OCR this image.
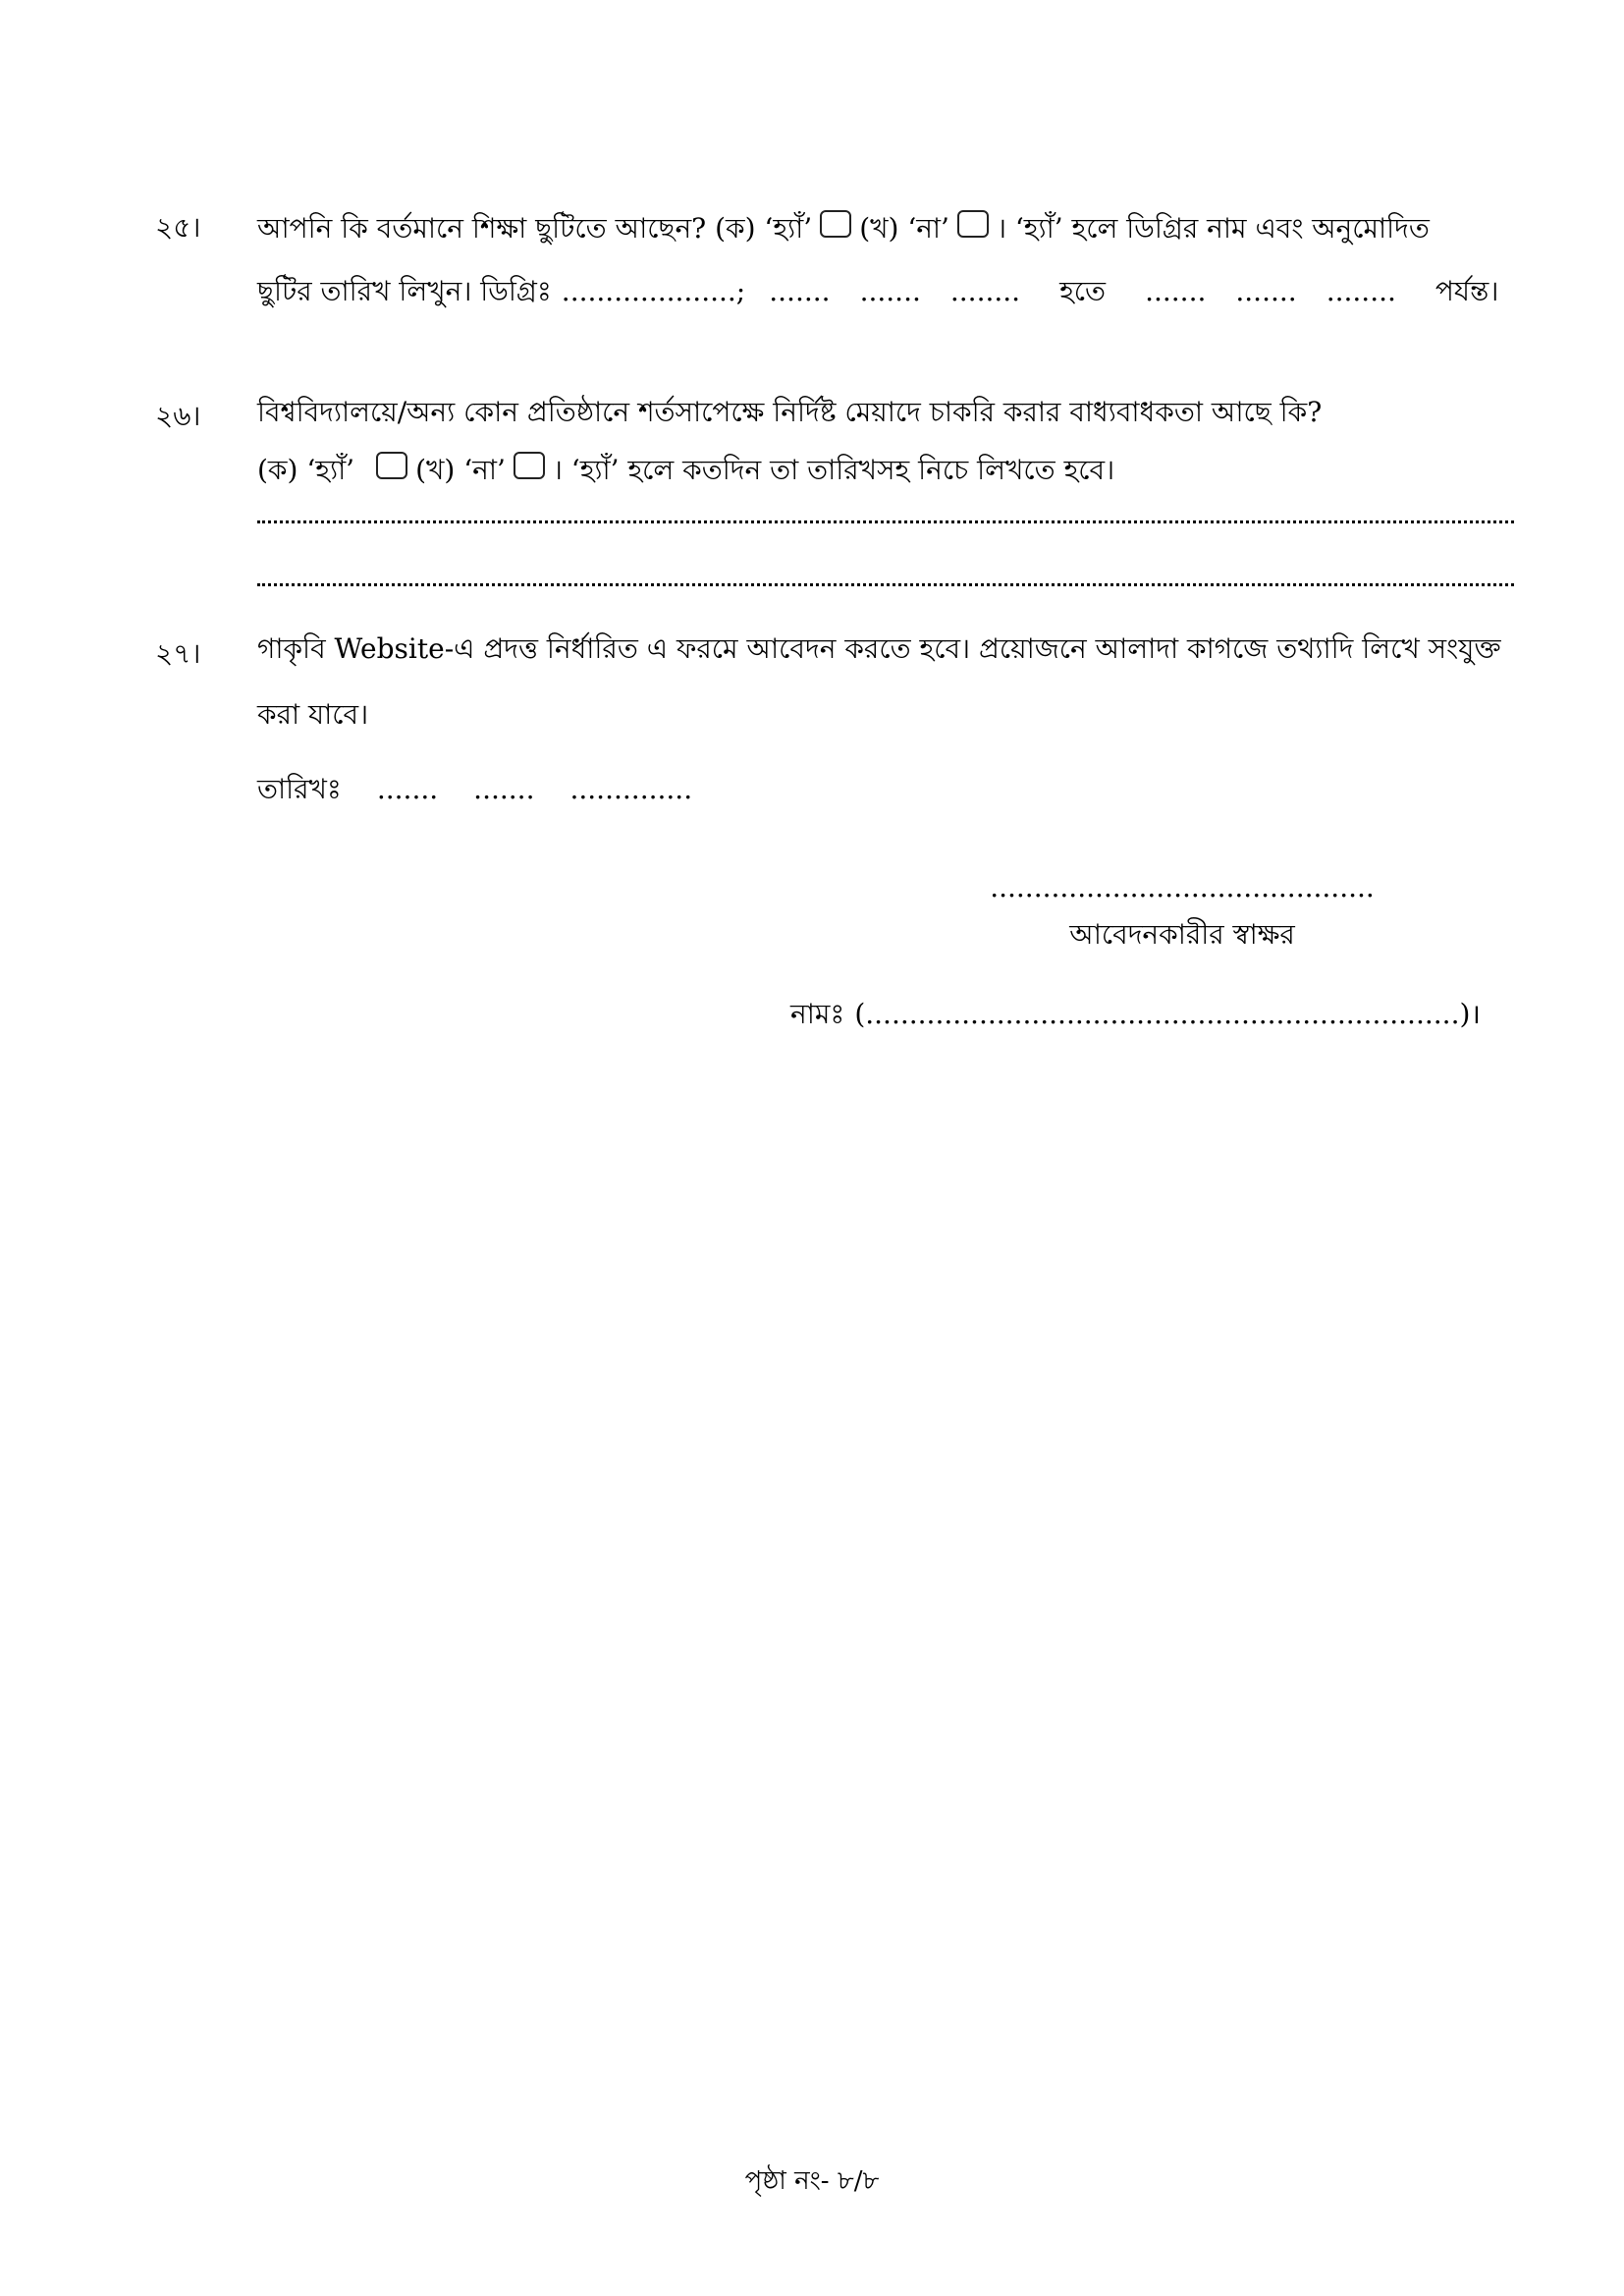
২৫। আপনি কি বর্তমানে শিক্ষা ছুটিতে আছেন? (ক) ‘হ্যাঁ’ (খ) ‘না’ । ‘হ্যাঁ’ হলে ডিগ্রির নাম এবং অনুমোদিত
ছুটির তারিখ লিখুন। ডিগ্রিঃ ....................; ....... ....... ........ হতে ....... ....... ........ পর্যন্ত।
২৬। বিশ্ববিদ্যালয়ে/অন্য কোন প্রতিষ্ঠানে শর্তসাপেক্ষে নির্দিষ্ট মেয়াদে চাকরি করার বাধ্যবাধকতা আছে কি?
(ক) ‘হ্যাঁ’ (খ) ‘না’ । ‘হ্যাঁ’ হলে কতদিন তা তারিখসহ নিচে লিখতে হবে।
২৭। গাকৃবি Website-এ প্রদত্ত নির্ধারিত এ ফরমে আবেদন করতে হবে। প্রয়োজনে আলাদা কাগজে তথ্যাদি লিখে সংযুক্ত
করা যাবে।
তারিখঃ ....... ....... ..............
............................................
আবেদনকারীর স্বাক্ষর
নামঃ (....................................................................)।
পৃষ্ঠা নং- ৮/৮
